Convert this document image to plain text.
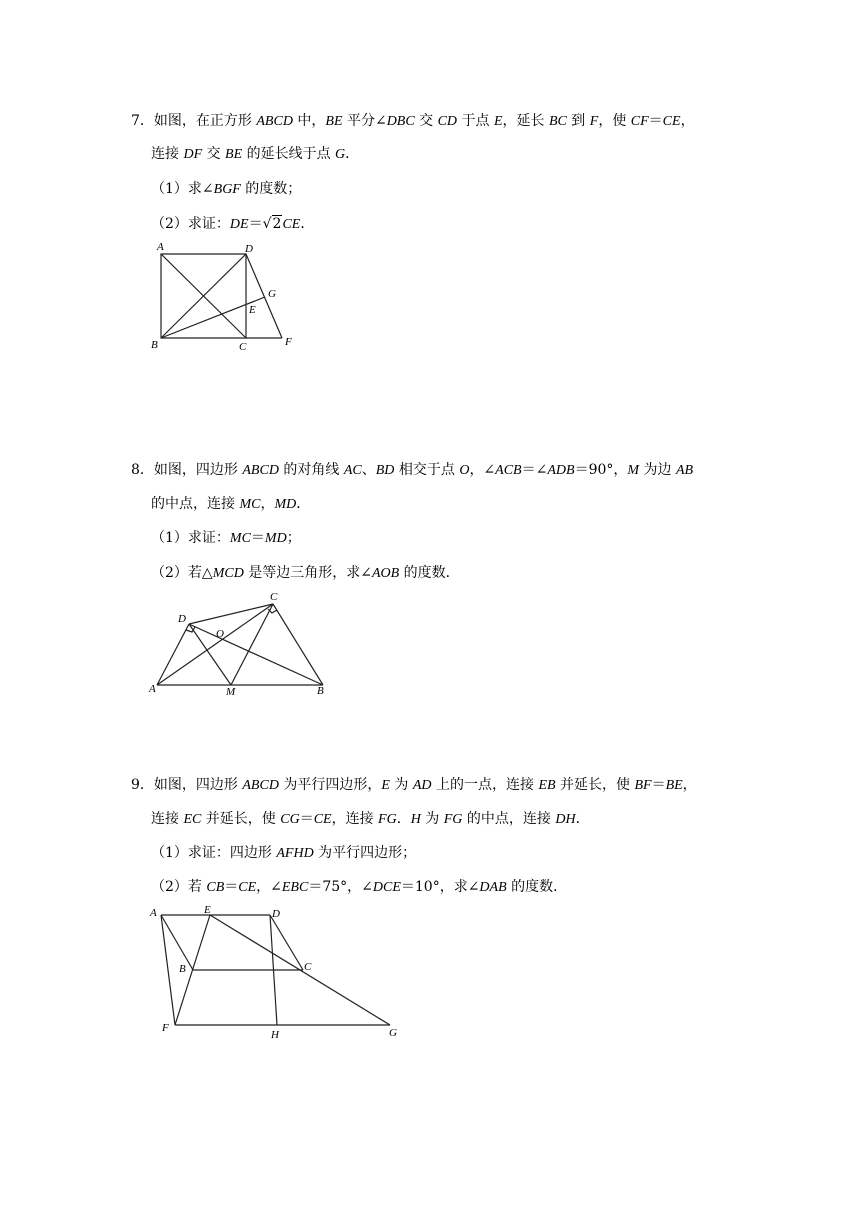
7．如图，在正方形 ABCD 中，BE 平分∠DBC 交 CD 于点 E，延长 BC 到 F，使 CF＝CE，
连接 DF 交 BE 的延长线于点 G．
（1）求∠BGF 的度数；
（2）求证：DE＝√2CE．
A	D
G
E
B	C	F
8．如图，四边形 ABCD 的对角线 AC、BD 相交于点 O，∠ACB＝∠ADB＝90°，M 为边 AB
的中点，连接 MC，MD．
（1）求证：MC＝MD；
（2）若△MCD 是等边三角形，求∠AOB 的度数．
D
C
O
A	M	B
9．如图，四边形 ABCD 为平行四边形，E 为 AD 上的一点，连接 EB 并延长，使 BF＝BE，
连接 EC 并延长，使 CG＝CE，连接 FG．H 为 FG 的中点，连接 DH．
（1）求证：四边形 AFHD 为平行四边形；
（2）若 CB＝CE，∠EBC＝75°，∠DCE＝10°，求∠DAB 的度数．
A	E	D
B	C
F
H	G
